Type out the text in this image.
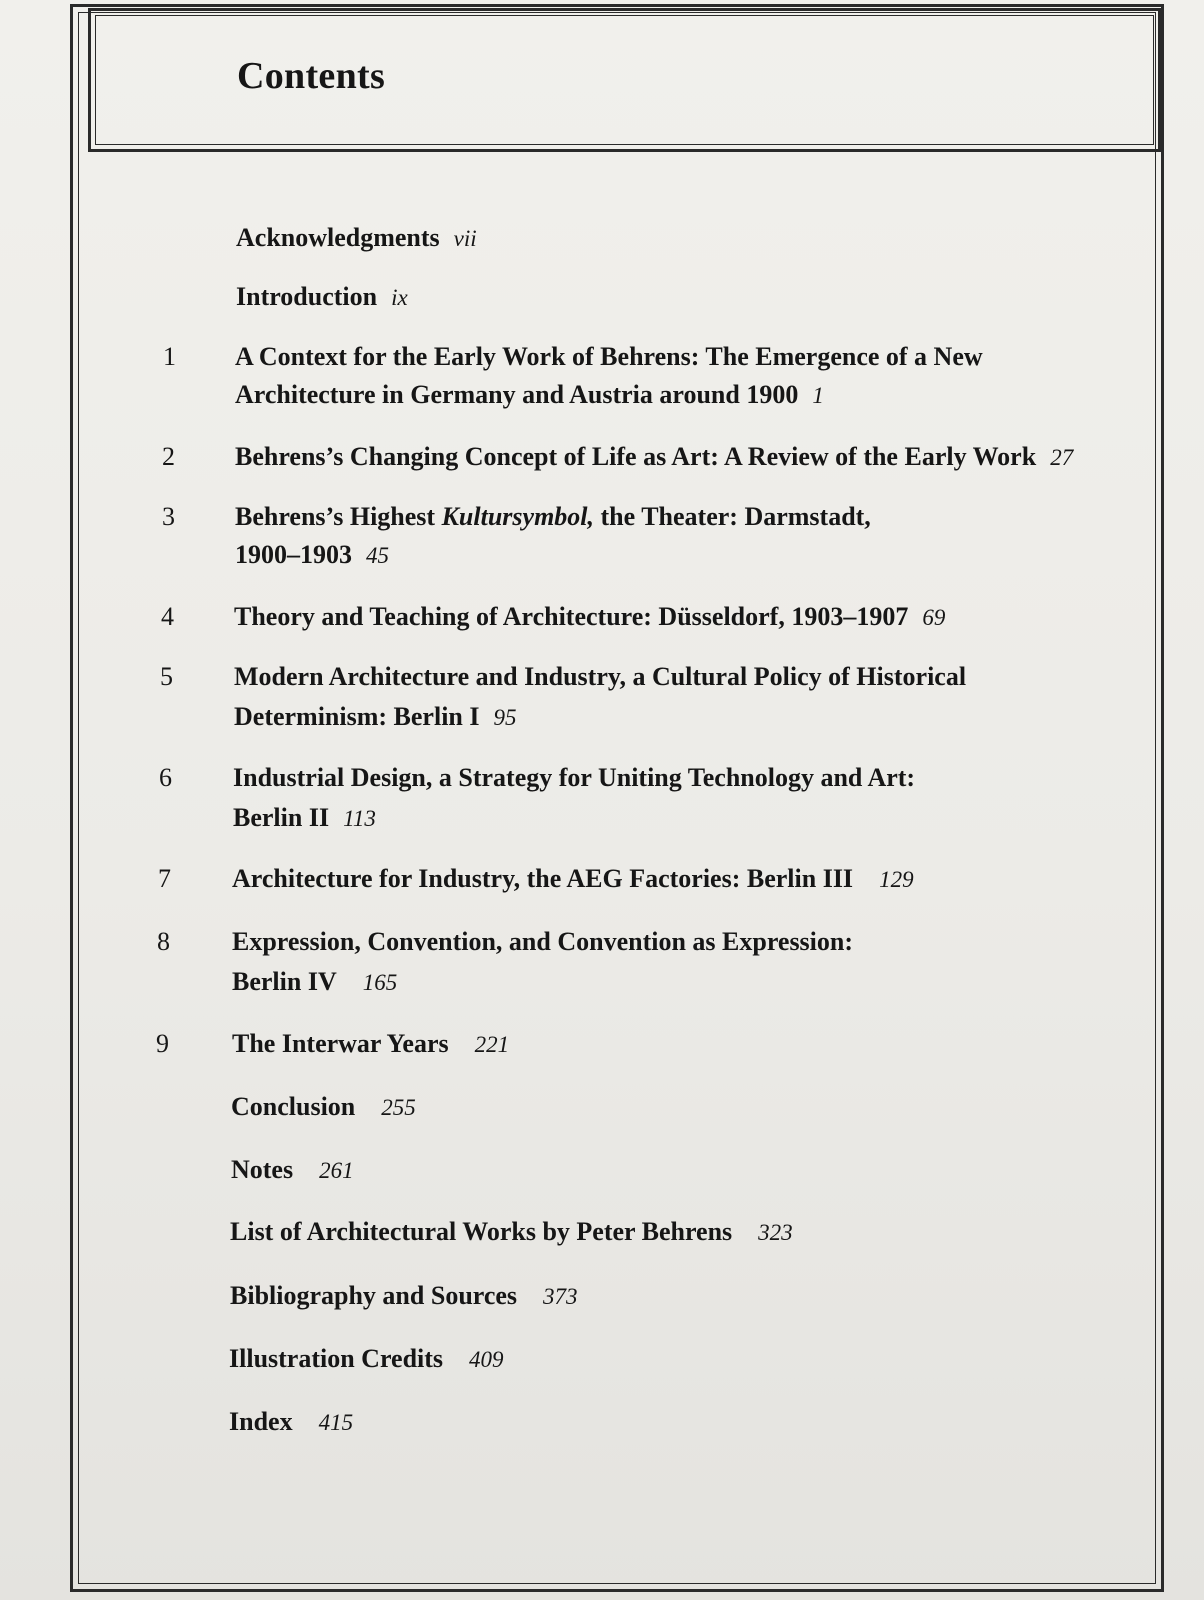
Contents
Acknowledgments vii
Introduction ix
1 A Context for the Early Work of Behrens: The Emergence of a New
Architecture in Germany and Austria around 1900 1
2 Behrens’s Changing Concept of Life as Art: A Review of the Early Work 27
3 Behrens’s Highest Kultursymbol, the Theater: Darmstadt,
1900–1903 45
4 Theory and Teaching of Architecture: Düsseldorf, 1903–1907 69
5 Modern Architecture and Industry, a Cultural Policy of Historical
Determinism: Berlin I 95
6 Industrial Design, a Strategy for Uniting Technology and Art:
Berlin II 113
7 Architecture for Industry, the AEG Factories: Berlin III 129
8 Expression, Convention, and Convention as Expression:
Berlin IV 165
9 The Interwar Years 221
Conclusion 255
Notes 261
List of Architectural Works by Peter Behrens 323
Bibliography and Sources 373
Illustration Credits 409
Index 415
